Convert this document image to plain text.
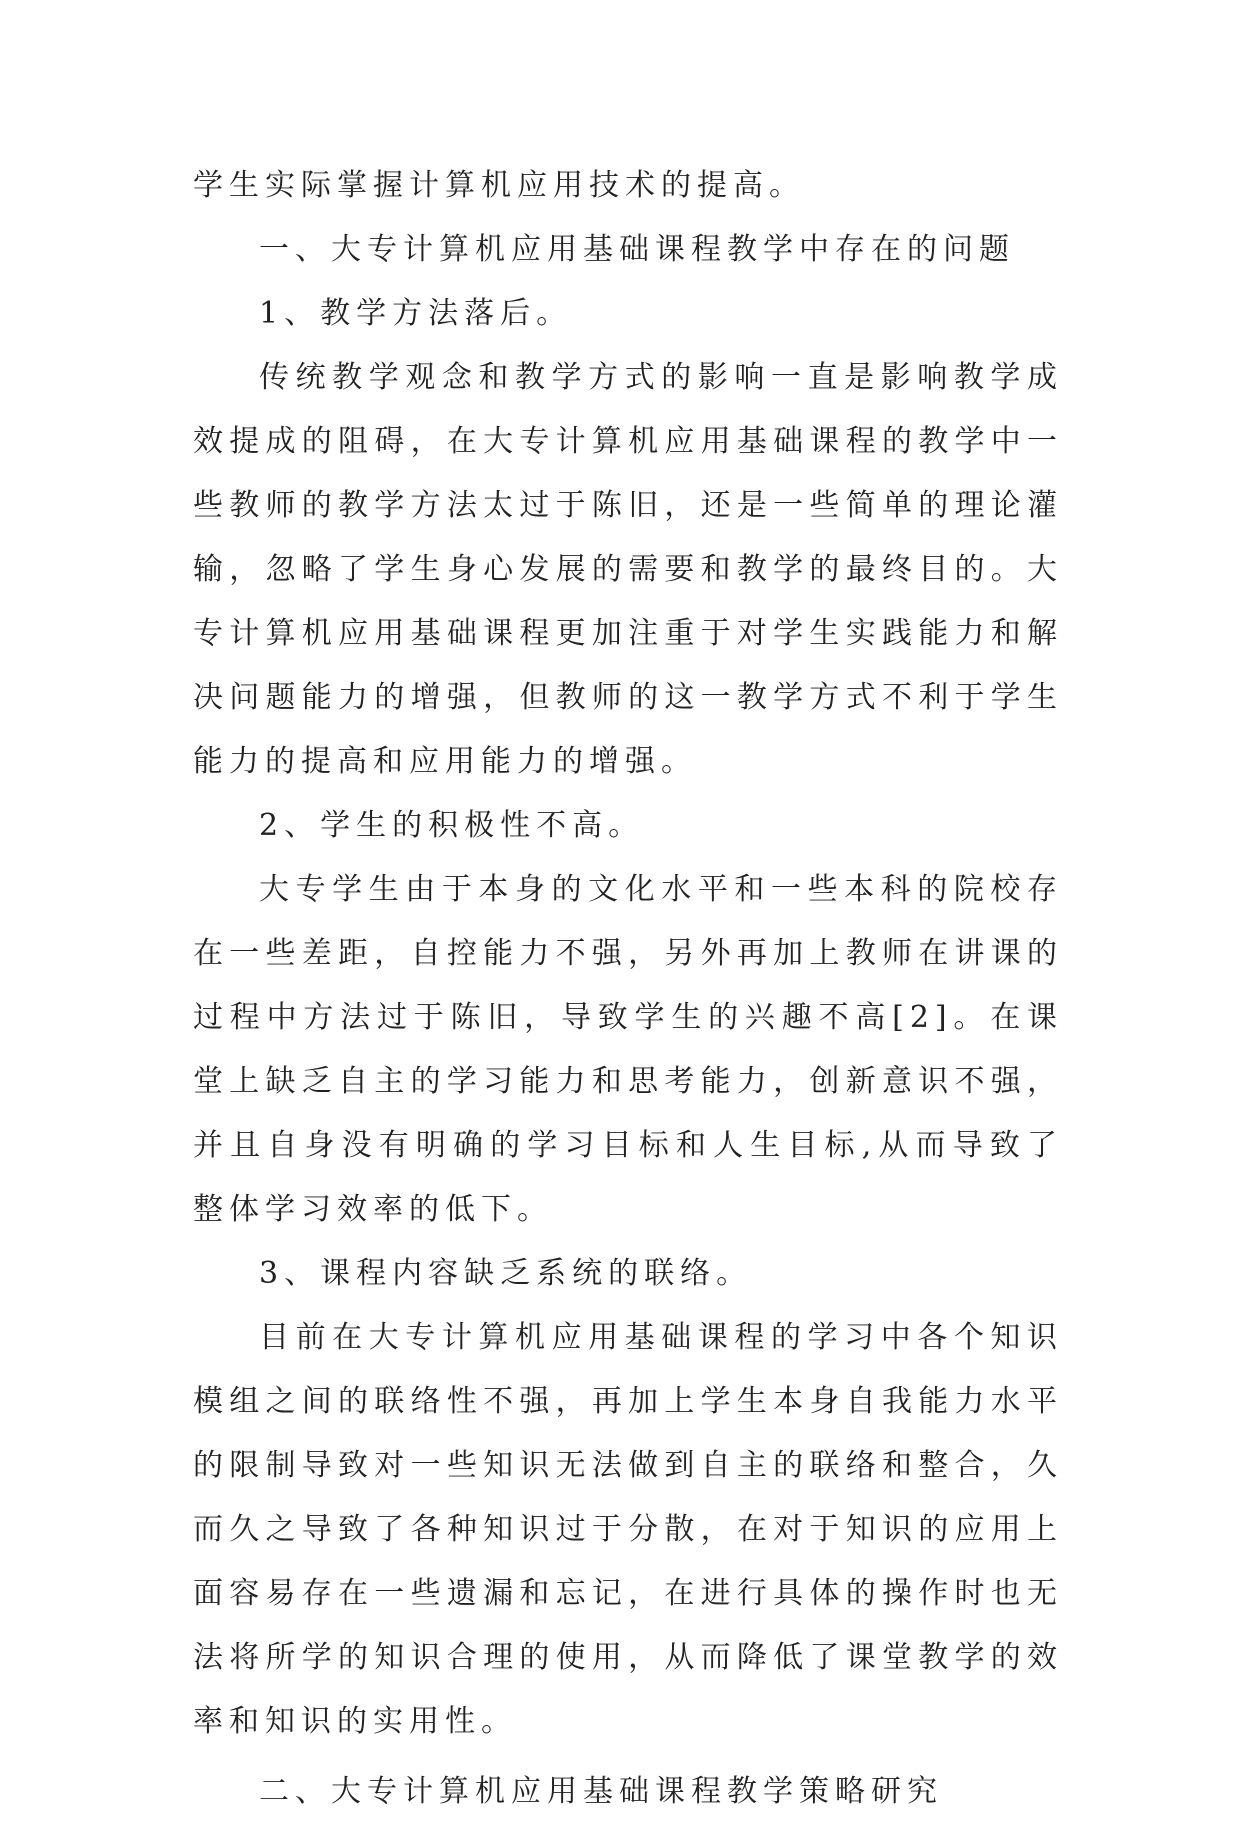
学生实际掌握计算机应用技术的提高。

一、大专计算机应用基础课程教学中存在的问题

1、教学方法落后。

传统教学观念和教学方式的影响一直是影响教学成效提成的阻碍，在大专计算机应用基础课程的教学中一些教师的教学方法太过于陈旧，还是一些简单的理论灌输，忽略了学生身心发展的需要和教学的最终目的。大专计算机应用基础课程更加注重于对学生实践能力和解决问题能力的增强，但教师的这一教学方式不利于学生能力的提高和应用能力的增强。

2、学生的积极性不高。

大专学生由于本身的文化水平和一些本科的院校存在一些差距，自控能力不强，另外再加上教师在讲课的过程中方法过于陈旧，导致学生的兴趣不高[2]。在课堂上缺乏自主的学习能力和思考能力，创新意识不强，并且自身没有明确的学习目标和人生目标,从而导致了整体学习效率的低下。

3、课程内容缺乏系统的联络。

目前在大专计算机应用基础课程的学习中各个知识模组之间的联络性不强，再加上学生本身自我能力水平的限制导致对一些知识无法做到自主的联络和整合，久而久之导致了各种知识过于分散，在对于知识的应用上面容易存在一些遗漏和忘记，在进行具体的操作时也无法将所学的知识合理的使用，从而降低了课堂教学的效率和知识的实用性。

二、大专计算机应用基础课程教学策略研究
